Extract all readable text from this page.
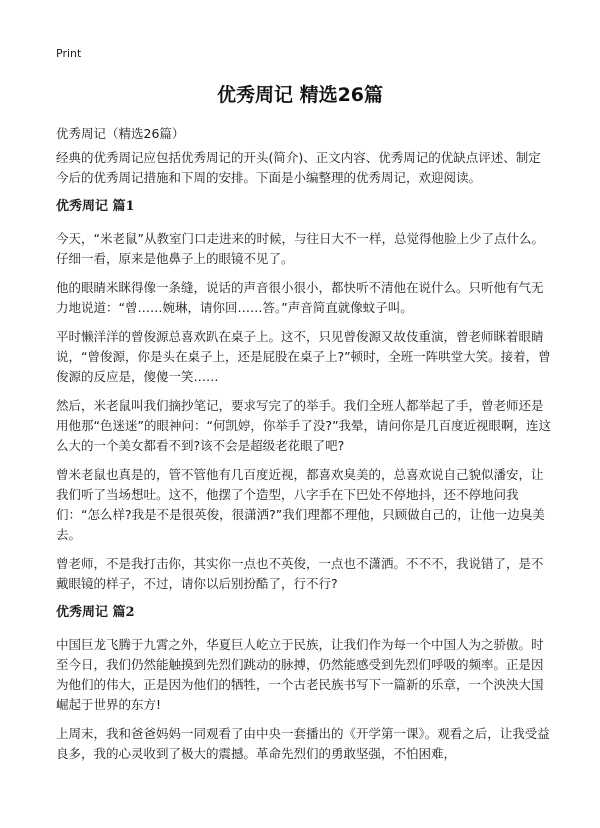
Print
优秀周记 精选26篇
优秀周记（精选26篇）

经典的优秀周记应包括优秀周记的开头(简介)、正文内容、优秀周记的优缺点评述、制定今后的优秀周记措施和下周的安排。下面是小编整理的优秀周记，欢迎阅读。

优秀周记 篇1

今天，“米老鼠”从教室门口走进来的时候，与往日大不一样，总觉得他脸上少了点什么。仔细一看，原来是他鼻子上的眼镜不见了。

他的眼睛米眯得像一条缝，说话的声音很小很小，都快听不清他在说什么。只听他有气无力地说道：“曾……婉琳，请你回……答。”声音简直就像蚊子叫。

平时懒洋洋的曾俊源总喜欢趴在桌子上。这不，只见曾俊源又故伎重演，曾老师眯着眼睛说，“曾俊源，你是头在桌子上，还是屁股在桌子上?”顿时，全班一阵哄堂大笑。接着，曾俊源的反应是，傻傻一笑……

然后，米老鼠叫我们摘抄笔记，要求写完了的举手。我们全班人都举起了手，曾老师还是用他那“色迷迷”的眼神问：“何凯婷，你举手了没?”我晕，请问你是几百度近视眼啊，连这么大的一个美女都看不到?该不会是超级老花眼了吧?

曾米老鼠也真是的，管不管他有几百度近视，都喜欢臭美的，总喜欢说自己貌似潘安，让我们听了当场想吐。这不，他摆了个造型，八字手在下巴处不停地抖，还不停地问我们：“怎么样?我是不是很英俊，很潇洒?”我们理都不理他，只顾做自己的，让他一边臭美去。

曾老师，不是我打击你，其实你一点也不英俊，一点也不潇洒。不不不，我说错了，是不戴眼镜的样子，不过，请你以后别扮酷了，行不行?

优秀周记 篇2

中国巨龙飞腾于九霄之外，华夏巨人屹立于民族，让我们作为每一个中国人为之骄傲。时至今日，我们仍然能触摸到先烈们跳动的脉搏，仍然能感受到先烈们呼吸的频率。正是因为他们的伟大，正是因为他们的牺牲，一个古老民族书写下一篇新的乐章，一个泱泱大国崛起于世界的东方!

上周末，我和爸爸妈妈一同观看了由中央一套播出的《开学第一课》。观看之后，让我受益良多，我的心灵收到了极大的震撼。革命先烈们的勇敢坚强，不怕困难，
